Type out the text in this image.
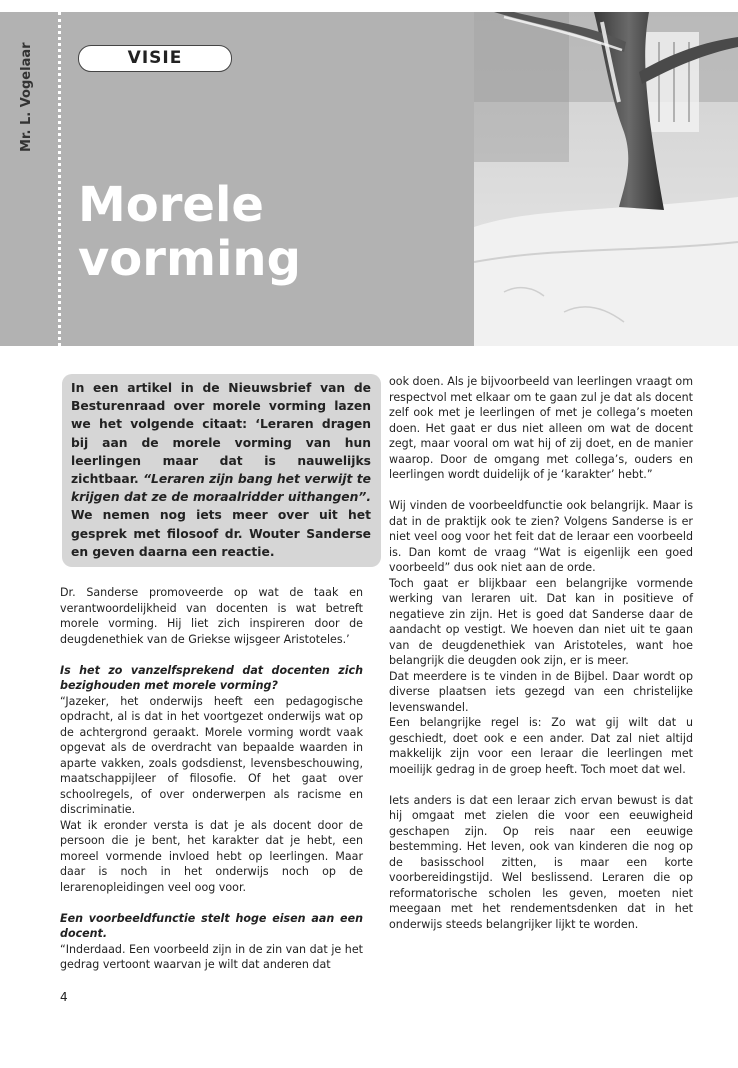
Mr. L. Vogelaar	VISIE
Morele
vorming
In een artikel in de Nieuwsbrief van de Besturenraad over morele vorming lazen we het volgende citaat: ‘Leraren dragen bij aan de morele vorming van hun leerlingen maar dat is nauwelijks zichtbaar. “Leraren zijn bang het verwijt te krijgen dat ze de moraalridder uithangen”. We nemen nog iets meer over uit het gesprek met filosoof dr. Wouter Sanderse en geven daarna een reactie.

Dr. Sanderse promoveerde op wat de taak en verantwoordelijkheid van docenten is wat betreft morele vorming. Hij liet zich inspireren door de deugdenethiek van de Griekse wijsgeer Aristoteles.’

Is het zo vanzelfsprekend dat docenten zich bezighouden met morele vorming?

“Jazeker, het onderwijs heeft een pedagogische opdracht, al is dat in het voortgezet onderwijs wat op de achtergrond geraakt. Morele vorming wordt vaak opgevat als de overdracht van bepaalde waarden in aparte vakken, zoals godsdienst, levensbeschouwing, maatschappijleer of filosofie. Of het gaat over schoolregels, of over onderwerpen als racisme en discriminatie.

Wat ik eronder versta is dat je als docent door de persoon die je bent, het karakter dat je hebt, een moreel vormende invloed hebt op leerlingen. Maar daar is noch in het onderwijs noch op de lerarenopleidingen veel oog voor.

Een voorbeeldfunctie stelt hoge eisen aan een docent.

“Inderdaad. Een voorbeeld zijn in de zin van dat je het gedrag vertoont waarvan je wilt dat anderen dat

ook doen. Als je bijvoorbeeld van leerlingen vraagt om respectvol met elkaar om te gaan zul je dat als docent zelf ook met je leerlingen of met je collega’s moeten doen. Het gaat er dus niet alleen om wat de docent zegt, maar vooral om wat hij of zij doet, en de manier waarop. Door de omgang met collega’s, ouders en leerlingen wordt duidelijk of je ‘karakter’ hebt.”

Wij vinden de voorbeeldfunctie ook belangrijk. Maar is dat in de praktijk ook te zien? Volgens Sanderse is er niet veel oog voor het feit dat de leraar een voorbeeld is. Dan komt de vraag “Wat is eigenlijk een goed voorbeeld” dus ook niet aan de orde.

Toch gaat er blijkbaar een belangrijke vormende werking van leraren uit. Dat kan in positieve of negatieve zin zijn. Het is goed dat Sanderse daar de aandacht op vestigt. We hoeven dan niet uit te gaan van de deugdenethiek van Aristoteles, want hoe belangrijk die deugden ook zijn, er is meer.

Dat meerdere is te vinden in de Bijbel. Daar wordt op diverse plaatsen iets gezegd van een christelijke levenswandel.

Een belangrijke regel is: Zo wat gij wilt dat u geschiedt, doet ook e een ander. Dat zal niet altijd makkelijk zijn voor een leraar die leerlingen met moeilijk gedrag in de groep heeft. Toch moet dat wel.

Iets anders is dat een leraar zich ervan bewust is dat hij omgaat met zielen die voor een eeuwigheid geschapen zijn. Op reis naar een eeuwige bestemming. Het leven, ook van kinderen die nog op de basisschool zitten, is maar een korte voorbereidingstijd. Wel beslissend. Leraren die op reformatorische scholen les geven, moeten niet meegaan met het rendementsdenken dat in het onderwijs steeds belangrijker lijkt te worden.

4
